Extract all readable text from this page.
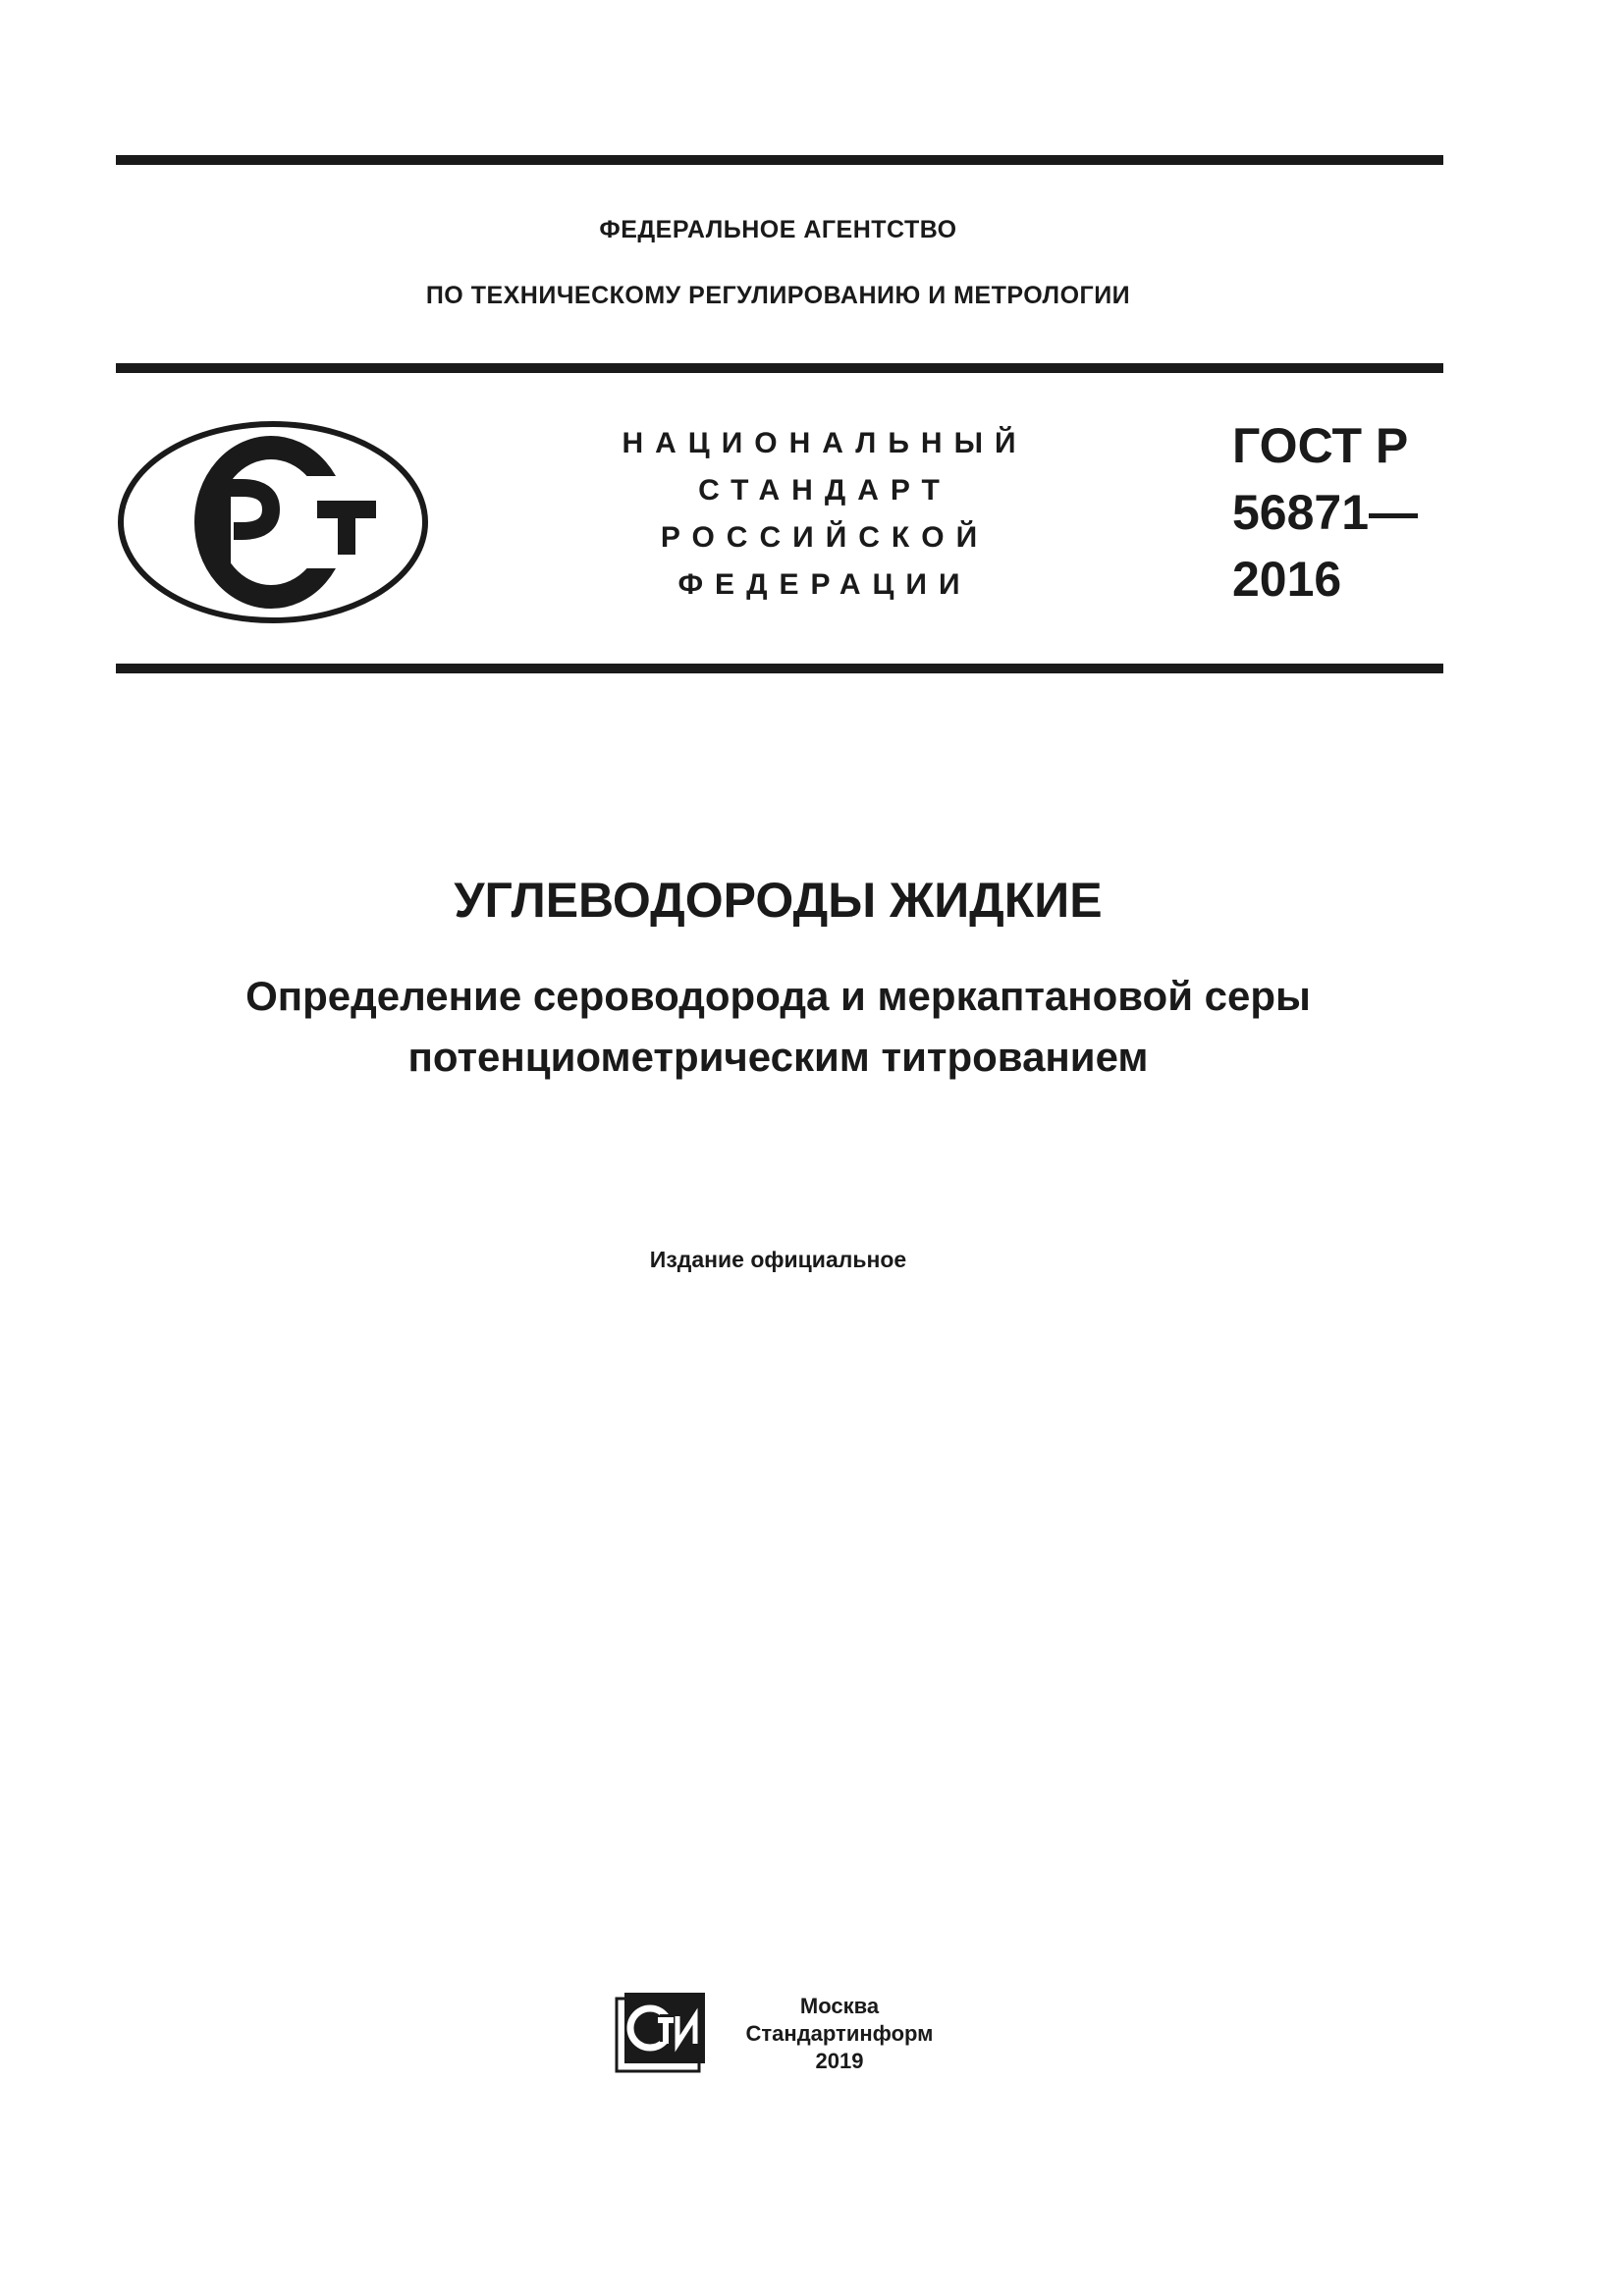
ФЕДЕРАЛЬНОЕ АГЕНТСТВО
ПО ТЕХНИЧЕСКОМУ РЕГУЛИРОВАНИЮ И МЕТРОЛОГИИ
НАЦИОНАЛЬНЫЙ
СТАНДАРТ
РОССИЙСКОЙ
ФЕДЕРАЦИИ
ГОСТ Р
56871—
2016
УГЛЕВОДОРОДЫ ЖИДКИЕ
Определение сероводорода и меркаптановой серы
потенциометрическим титрованием
Издание официальное
Москва
Стандартинформ
2019
